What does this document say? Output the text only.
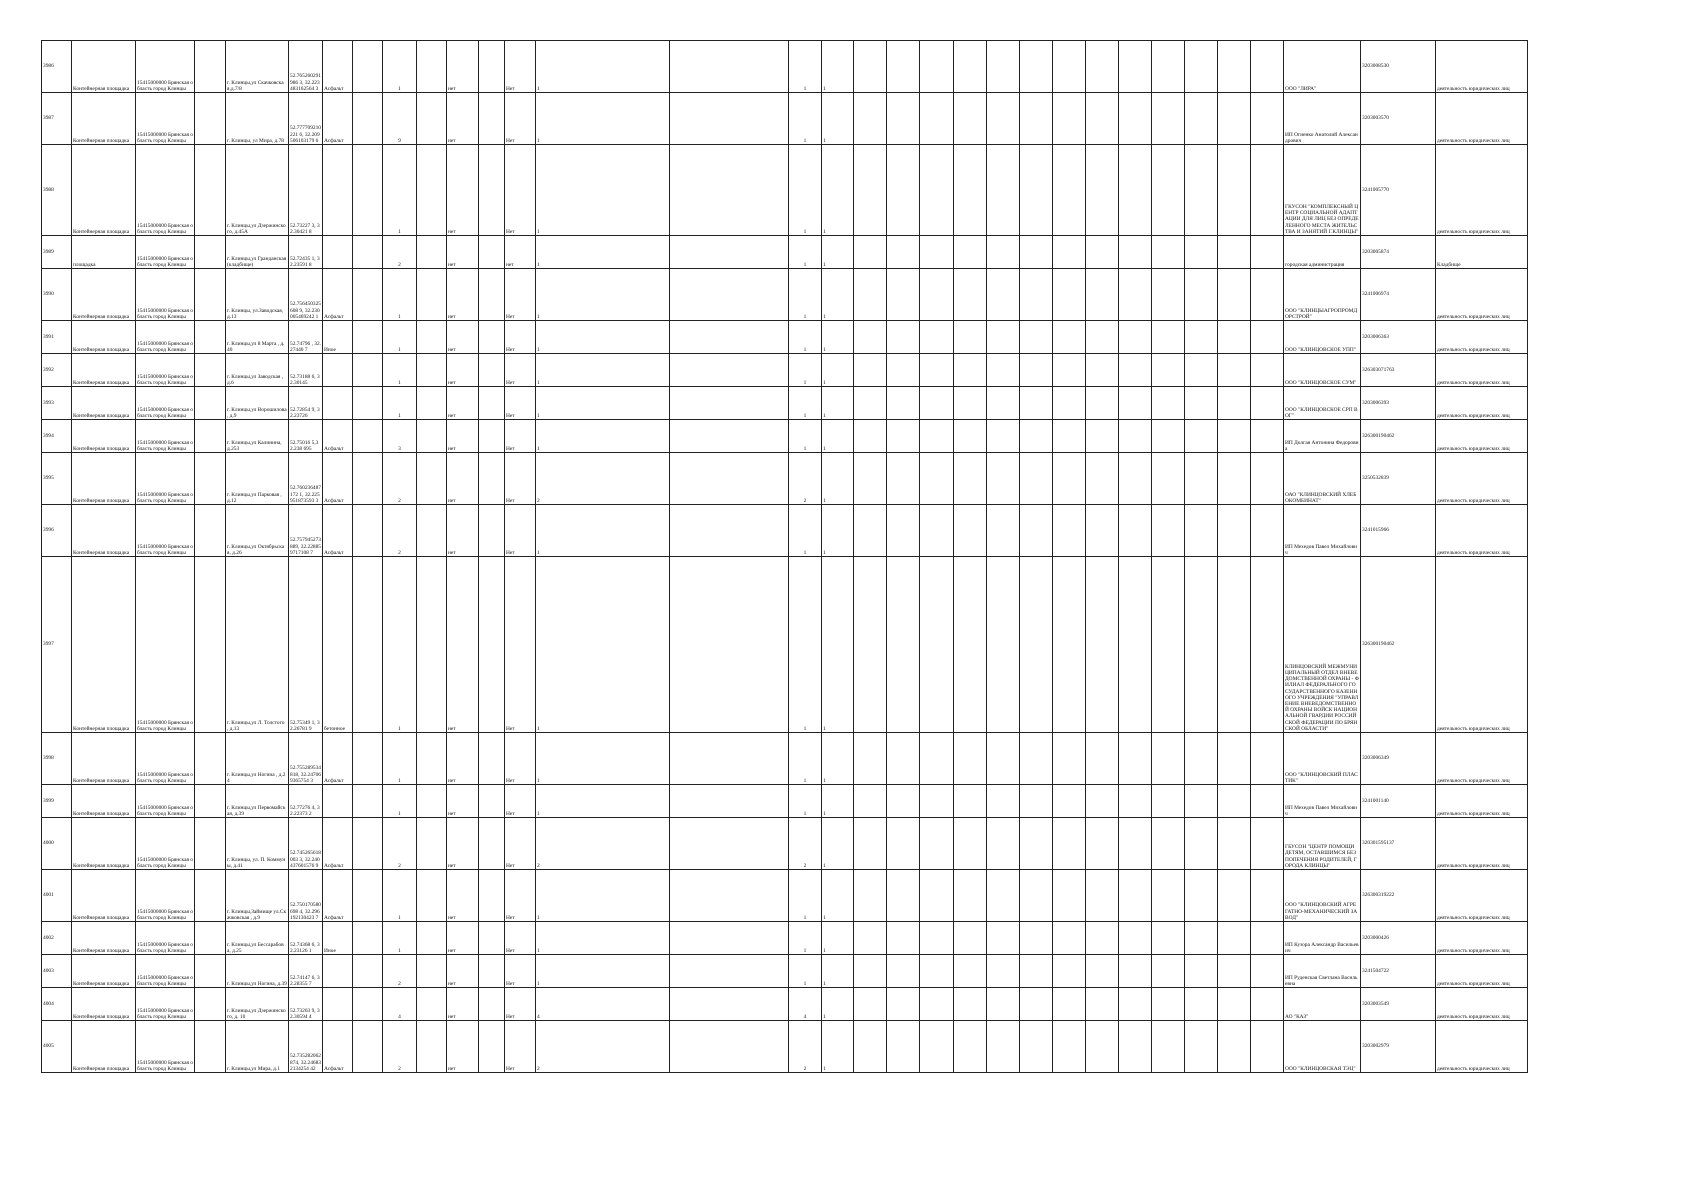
3986	Контейнерная площадка	15415000000 Брянская область город Клинцы		г. Клинцы,ул Скачковская,д.7/8	52.765260291986 3, 32.223483162564 3	Асфальт		1		нет		Нет	1		1	1														ООО "ЛИРА"	3203008530	деятельность юридических лиц
3987	Контейнерная площадка	15415000000 Брянская область город Клинцы		г. Клинцы, ул Мира, д.78	52.777709210221 6, 32.209506103179 6	Асфальт		9		нет		Нет	1		1	1														ИП Огиенко Анатолий Александрович	3203003570	деятельность юридических лиц
3988	Контейнерная площадка	15415000000 Брянская область город Клинцы		г. Клинцы,ул Дзержинского, д.45А	52.73227 3, 32.30421 8			1		нет		Нет	1		1	1														ГКУСОН "КОМПЛЕКСНЫЙ ЦЕНТР СОЦИАЛЬНОЙ АДАПТАЦИИ ДЛЯ ЛИЦ БЕЗ ОПРЕДЕЛЕННОГО МЕСТА ЖИТЕЛЬСТВА И ЗАНЯТИЙ Г.КЛИНЦЫ"	3241005770	деятельность юридических лиц
3989	площадка	15415000000 Брянская область город Клинцы		г. Клинцы,ул Гранданская (кладбище)	52.72435 1, 32.23591 8			2		нет		нет	1		1	1														городская администрация	3203005874	Кладбище
3990	Контейнерная площадка	15415000000 Брянская область город Клинцы		г. Клинцы, ул.Заводская, д.13	52.756450325608 9, 32.230005469242 1	Асфальт		1		нет		Нет	1		1	1														ООО "КЛИНЦЫАГРОПРОМДОРСТРОЙ"	3241006974	деятельность юридических лиц
3991	Контейнерная площадка	15415000000 Брянская область город Клинцы		г. Клинцы,ул 8 Марта , д.40	52.74796 , 32.27440 7	Иное		1		нет		Нет	1		1	1														ООО "КЛИНЦОВСКОЕ УПП"	3203006363	деятельность юридических лиц
3992	Контейнерная площадка	15415000000 Брянская область город Клинцы		г. Клинцы,ул Заводская , д.6	52.73188 6, 32.30145			1		нет		Нет	1		1	1														ООО "КЛИНЦОВСКОЕ СУМ"	326303071763	деятельность юридических лиц
3993	Контейнерная площадка	15415000000 Брянская область город Клинцы		г. Клинцы,ул Ворошилова , д.9	52.72854 9, 32.23726			1		нет		Нет	1		1	1														ООО "КЛИНЦОВСКОЕ СРП ВОГ"	3203006393	деятельность юридических лиц
3994	Контейнерная площадка	15415000000 Брянская область город Клинцы		г. Клинцы,ул Калинина, д.253	52.75016 5,32.238 695	Асфальт		3		нет		Нет	1		1	1														ИП Долгая Антонина Федоровна	326300190462	деятельность юридических лиц
3995	Контейнерная площадка	15415000000 Брянская область город Клинцы		г. Клинцы,ул Парковая , д.12	52.760236487172 1, 32.225951873593 3	Асфальт		2		нет		Нет	2		2	1														ОАО "КЛИНЦОВСКИЙ ХЛЕБОКОМБИНАТ"	3250532839	деятельность юридических лиц
3996	Контейнерная площадка	15415000000 Брянская область город Клинцы		г. Клинцы,ул Октябрьская, д.26	52.757945273889, 32.228859717108 7	Асфальт		2		нет		Нет	1		1	1														ИП Мехедов Павел Михайлович	3241015966	деятельность юридических лиц
3997	Контейнерная площадка	15415000000 Брянская область город Клинцы		г. Клинцы,ул Л. Толстого , д.13	52.75349 1, 32.26781 9	бетонное		1		нет		Нет	1		1	1														КЛИНЦОВСКИЙ МЕЖМУНИЦИПАЛЬНЫЙ ОТДЕЛ ВНЕВЕДОМСТВЕННОЙ ОХРАНЫ - ФИЛИАЛ ФЕДЕРАЛЬНОГО ГОСУДАРСТВЕННОГО КАЗЕННОГО УЧРЕЖДЕНИЯ "УПРАВЛЕНИЕ ВНЕВЕДОМСТВЕННОЙ ОХРАНЫ ВОЙСК НАЦИОНАЛЬНОЙ ГВАРДИИ РОССИЙСКОЙ ФЕДЕРАЦИИ ПО БРЯНСКОЙ ОБЛАСТИ"	326300190462	деятельность юридических лиц
3998	Контейнерная площадка	15415000000 Брянская область город Клинцы		г. Клинцы,ул Ногина , д.24	52.755289534818, 32.247069365754 3	Асфальт		1		нет		Нет	1		1	1														ООО "КЛИНЦОВСКИЙ ПЛАСТИК"	3203006349	деятельность юридических лиц
3999	Контейнерная площадка	15415000000 Брянская область город Клинцы		г. Клинцы,ул Первомайская, д.39	52.77276 4, 32.22373 2			1		нет		Нет	1		1	1														ИП Мехедов Павел Михайлович	3241001140	деятельность юридических лиц
4000	Контейнерная площадка	15415000000 Брянская область город Клинцы		г. Клинцы, ул. П. Коммуны, д.41	52.745265618003 3, 32.240437601576 9	Асфальт		2		нет		Нет	2		2	1														ГБУСОН "ЦЕНТР ПОМОЩИ ДЕТЯМ, ОСТАВШИМСЯ БЕЗ ПОПЕЧЕНИЯ РОДИТЕЛЕЙ, ГОРОДА КЛИНЦЫ"	320301595137	деятельность юридических лиц
4001	Контейнерная площадка	15415000000 Брянская область город Клинцы		г. Клинцы,Займище ул.Скачковская , д.9	52.750170580698 4, 32.296192130423 7	Асфальт		1		нет		Нет	1		1	1														ООО "КЛИНЦОВСКИЙ АГРЕГАТНО-МЕХАНИЧЕСКИЙ ЗАВОД"	326300319222	деятельность юридических лиц
4002	Контейнерная площадка	15415000000 Брянская область город Клинцы		г. Клинцы,ул Бессарабова, д.25	52.74368 6, 32.23126 1	Иное		1		нет		Нет	1		1	1														ИП Кузора Александр Васильевич	3203000426	деятельность юридических лиц
4003	Контейнерная площадка	15415000000 Брянская область город Клинцы		г. Клинцы,ул Ногина, д.39	52.74147 6, 32.28355 7			2		нет		Нет	1		1	1														ИП Руденская Светлана Васильевна	3241504722	деятельность юридических лиц
4004	Контейнерная площадка	15415000000 Брянская область город Клинцы		г. Клинцы,ул Дзержинского, д. 10	52.73263 9, 32.30594 4			4		нет		Нет	4		4	1														АО "КАЗ"	3203003549	деятельность юридических лиц
4005	Контейнерная площадка	15415000000 Брянская область город Клинцы		г. Клинцы,ул Мира, д.1	52.735282062874, 32.246832134254 42	Асфальт		2		нет		Нет	2		2	1														ООО "КЛИНЦОВСКАЯ ТЭЦ"	3203002979	деятельность юридических лиц
